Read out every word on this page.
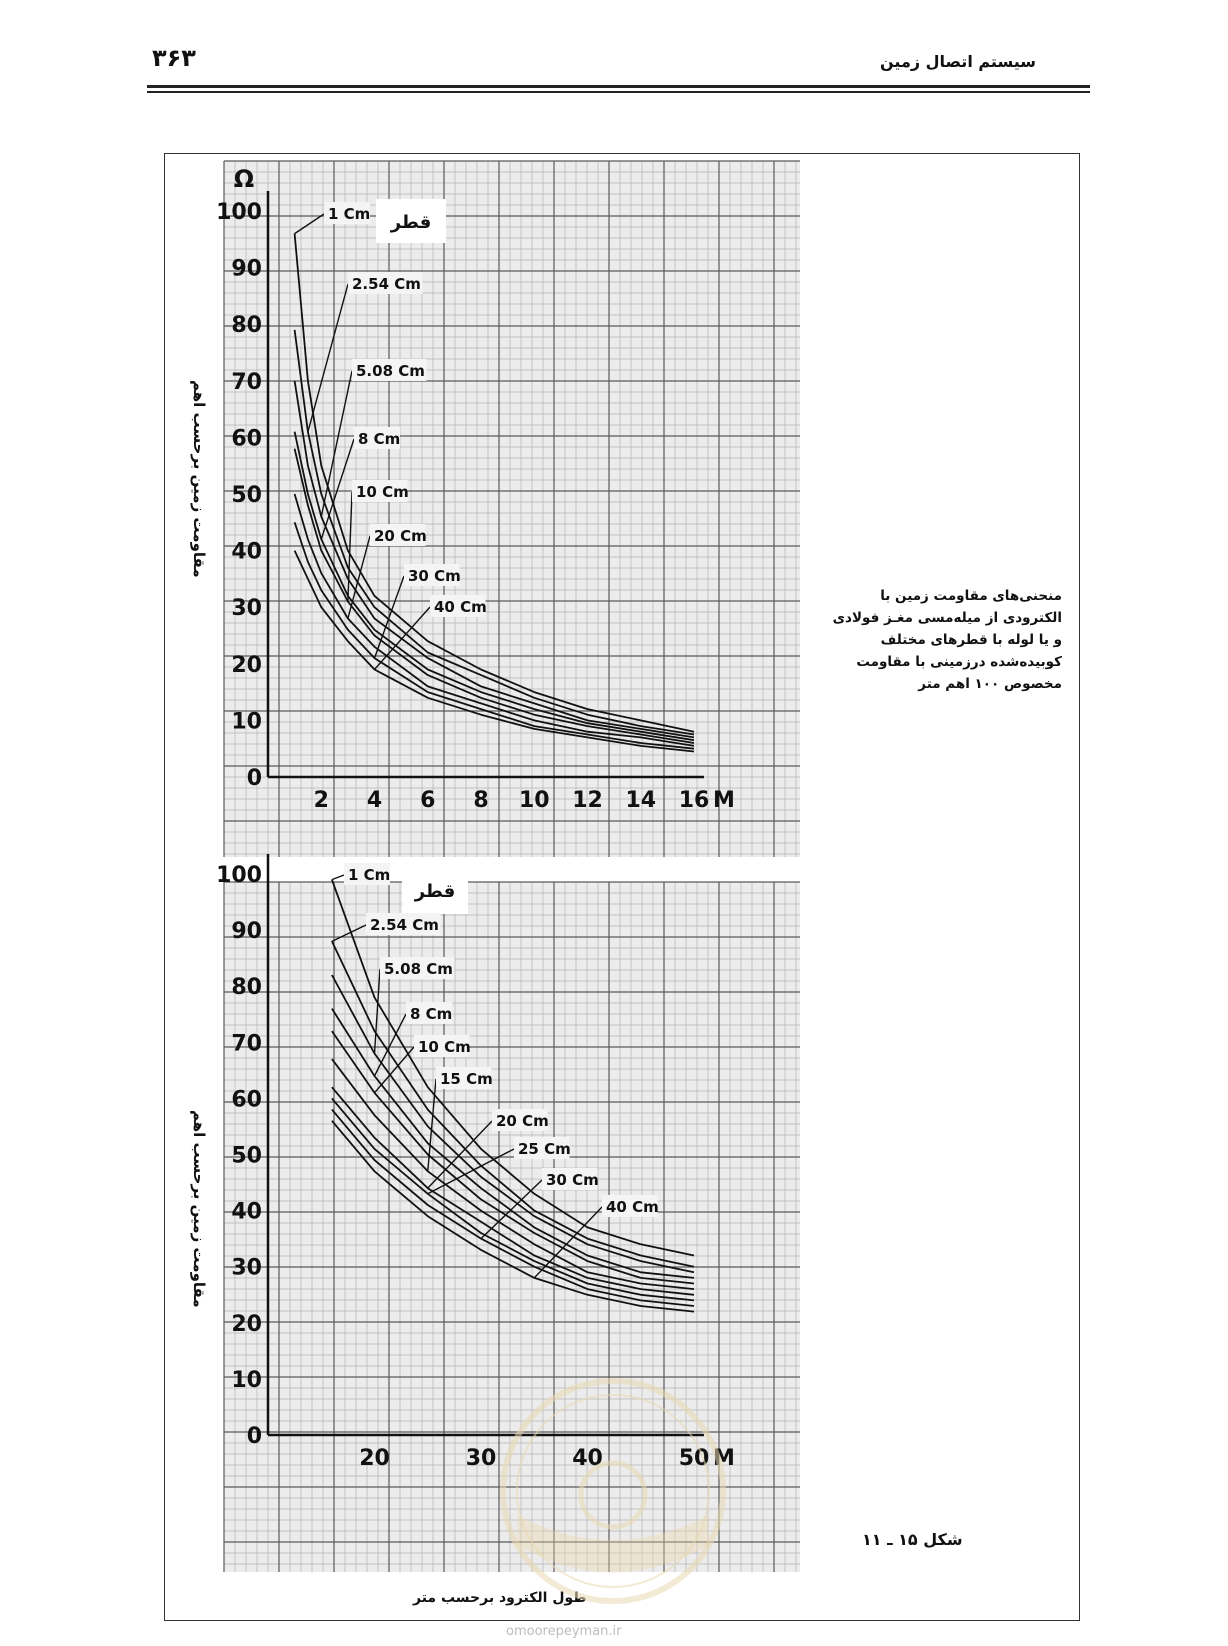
۳۶۳	سیستم اتصال زمین
0
10
20
30
40
50
60
70
80
90
100
2 4 6 8 10 12 14 16 M
Ω
قطر
1 Cm
2.54 Cm
5.08 Cm
8 Cm
10 Cm
20 Cm
30 Cm
40 Cm
0
10
20
30
40
50
60
70
80
90
100
20	30	40	50 M
قطر
1 Cm
2.54 Cm
5.08 Cm
8 Cm
10 Cm
15 Cm
20 Cm
25 Cm
30 Cm
40 Cm
مقاومت زمین برحسب اهم
مقاومت زمین برحسب اهم
منحنی‌های مقاومت زمین با الکترودی از میله‌مسی مغـز فولادی و یا لوله با قطرهای مختلف کوبیده‌شده درزمینی با مقاومت مخصوص ۱۰۰ اهم متر
شکل ۱۵ ـ ۱۱
طول الکترود برحسب متر
omoorepeyman.ir
